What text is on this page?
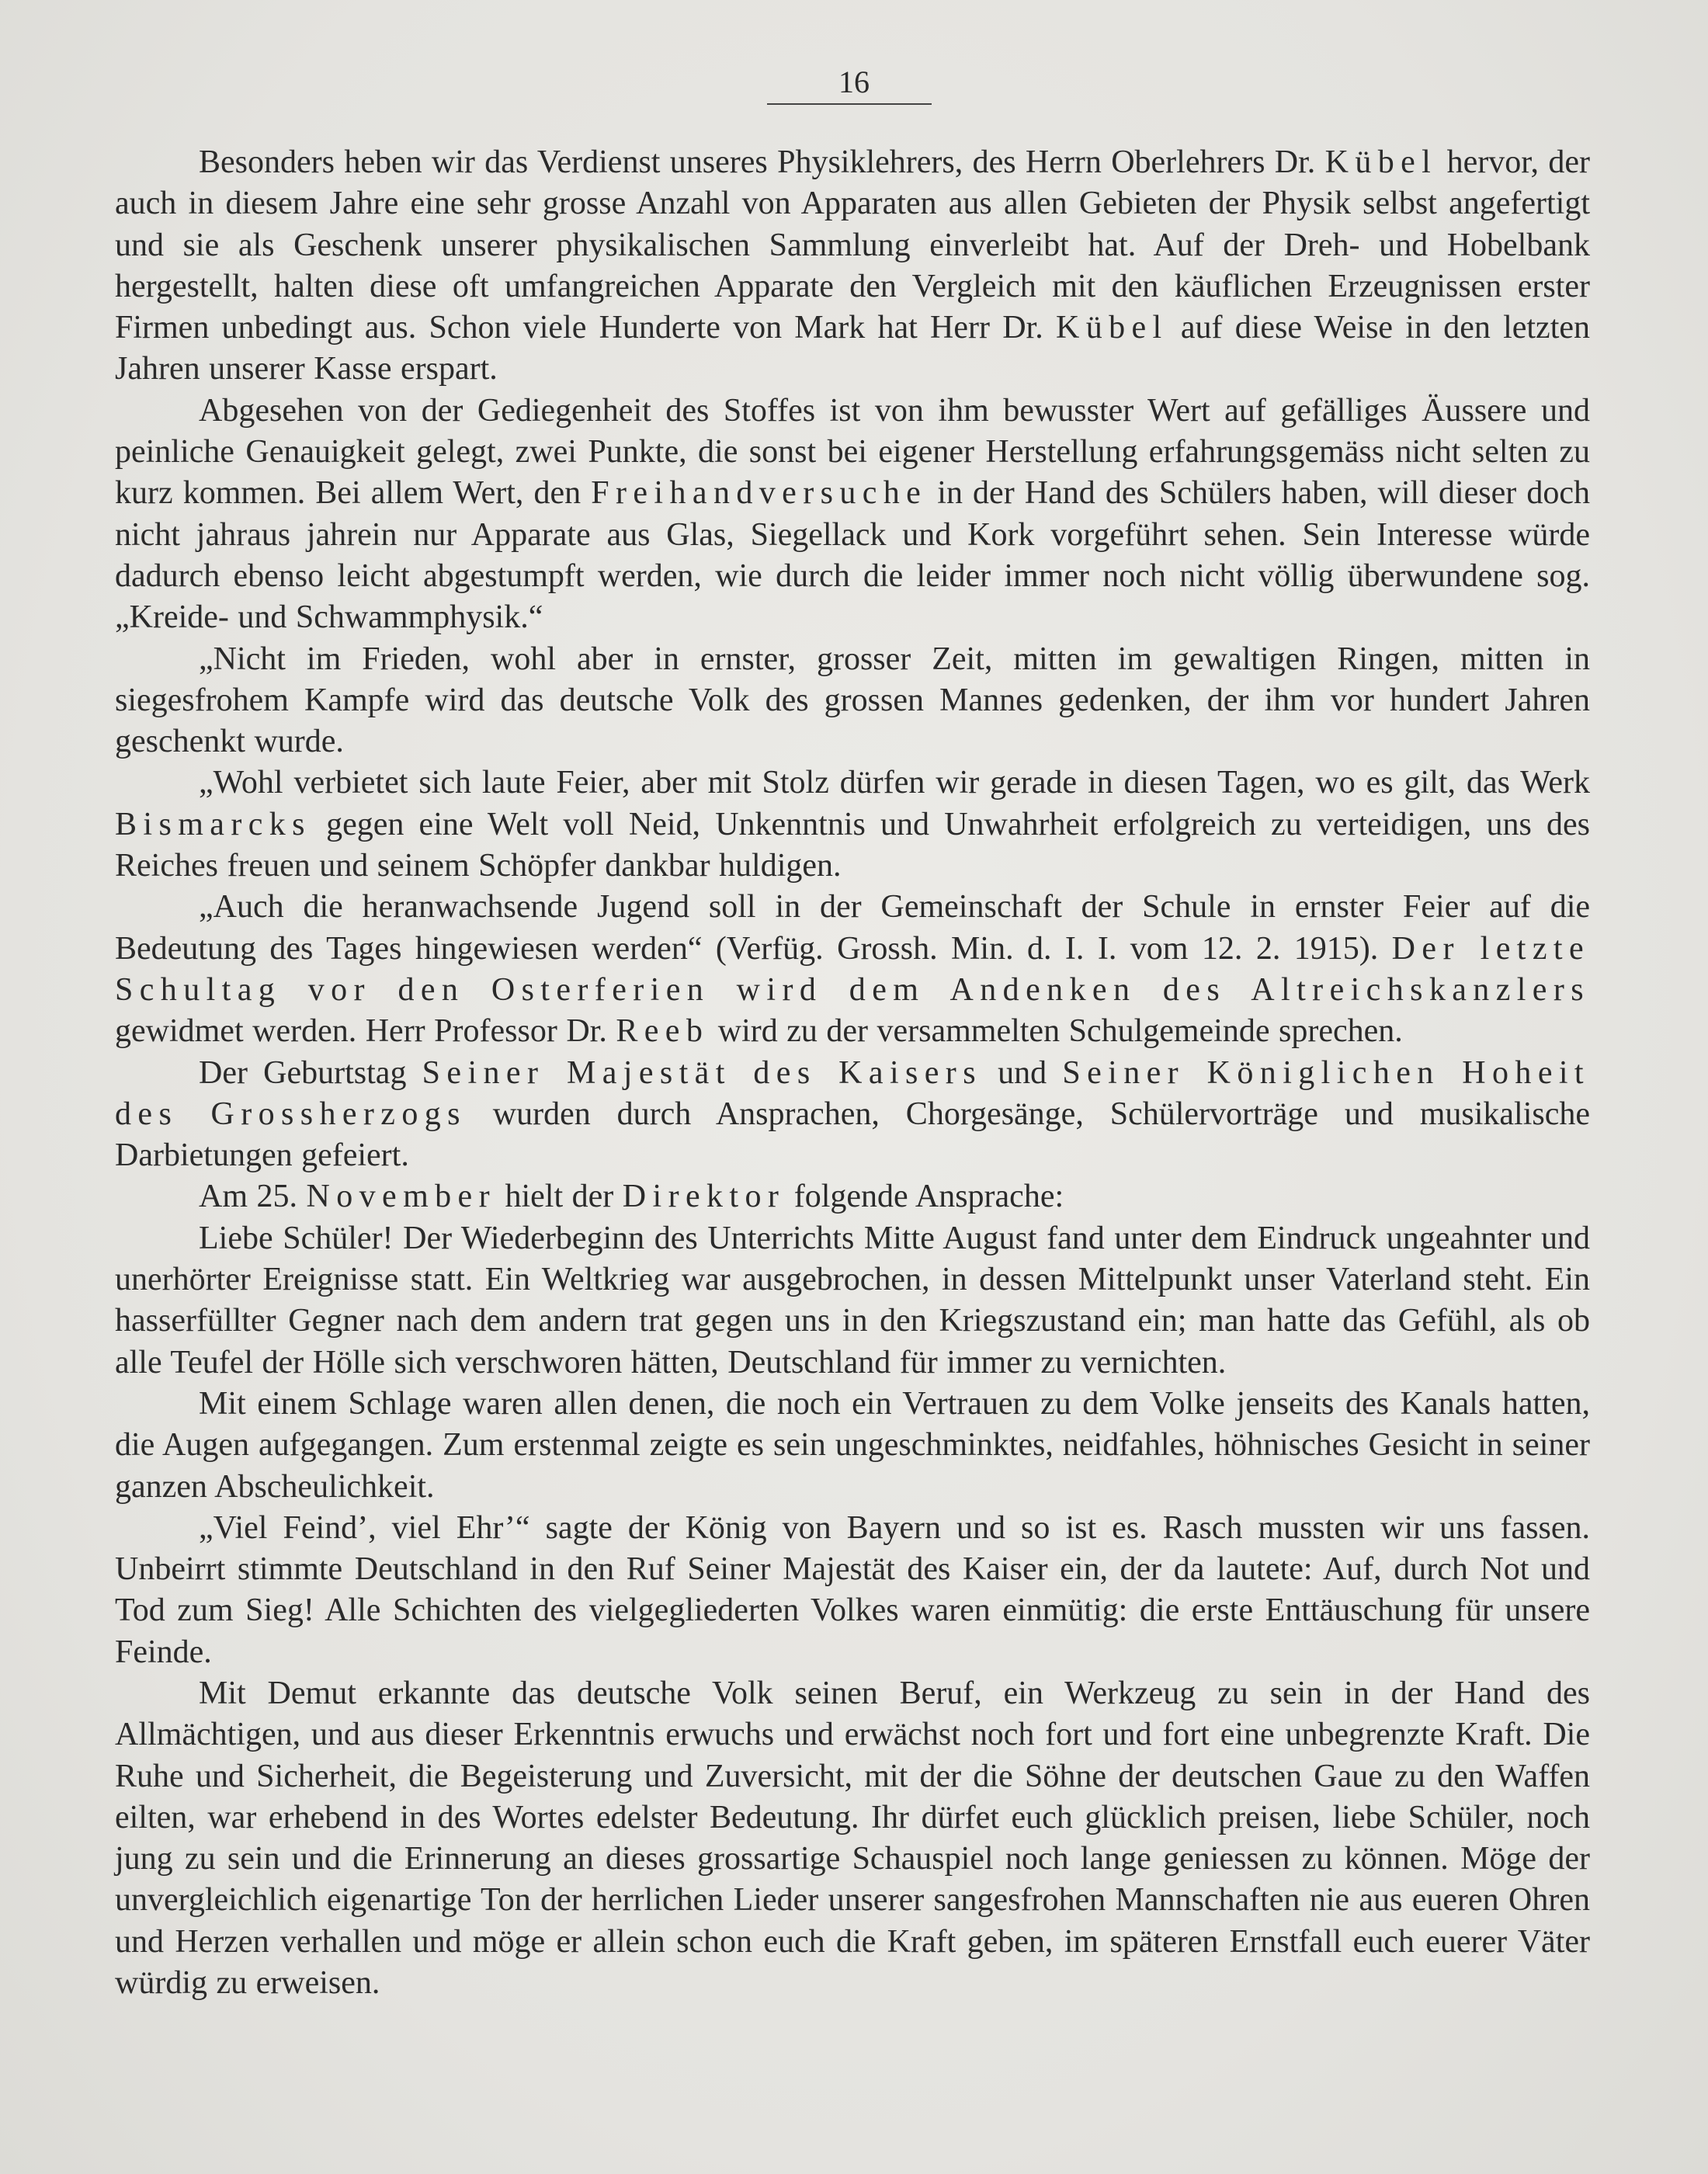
16

Besonders heben wir das Verdienst unseres Physiklehrers, des Herrn Oberlehrers Dr. Kübel hervor, der auch in diesem Jahre eine sehr grosse Anzahl von Apparaten aus allen Gebieten der Physik selbst angefertigt und sie als Geschenk unserer physikalischen Sammlung einverleibt hat. Auf der Dreh- und Hobelbank hergestellt, halten diese oft umfangreichen Apparate den Vergleich mit den käuflichen Erzeugnissen erster Firmen unbedingt aus. Schon viele Hunderte von Mark hat Herr Dr. Kübel auf diese Weise in den letzten Jahren unserer Kasse erspart.

Abgesehen von der Gediegenheit des Stoffes ist von ihm bewusster Wert auf gefälliges Äussere und peinliche Genauigkeit gelegt, zwei Punkte, die sonst bei eigener Herstellung erfahrungsgemäss nicht selten zu kurz kommen. Bei allem Wert, den Freihandversuche in der Hand des Schülers haben, will dieser doch nicht jahraus jahrein nur Apparate aus Glas, Siegellack und Kork vorgeführt sehen. Sein Interesse würde dadurch ebenso leicht abgestumpft werden, wie durch die leider immer noch nicht völlig überwundene sog. „Kreide- und Schwammphysik.“

„Nicht im Frieden, wohl aber in ernster, grosser Zeit, mitten im gewaltigen Ringen, mitten in siegesfrohem Kampfe wird das deutsche Volk des grossen Mannes gedenken, der ihm vor hundert Jahren geschenkt wurde.

„Wohl verbietet sich laute Feier, aber mit Stolz dürfen wir gerade in diesen Tagen, wo es gilt, das Werk Bismarcks gegen eine Welt voll Neid, Unkenntnis und Unwahrheit erfolgreich zu verteidigen, uns des Reiches freuen und seinem Schöpfer dankbar huldigen.

„Auch die heranwachsende Jugend soll in der Gemeinschaft der Schule in ernster Feier auf die Bedeutung des Tages hingewiesen werden“ (Verfüg. Grossh. Min. d. I. I. vom 12. 2. 1915). Der letzte Schultag vor den Osterferien wird dem Andenken des Altreichskanzlers gewidmet werden. Herr Professor Dr. Reeb wird zu der versammelten Schulgemeinde sprechen.

Der Geburtstag Seiner Majestät des Kaisers und Seiner Königlichen Hoheit des Grossherzogs wurden durch Ansprachen, Chorgesänge, Schülervorträge und musikalische Darbietungen gefeiert.

Am 25. November hielt der Direktor folgende Ansprache:

Liebe Schüler! Der Wiederbeginn des Unterrichts Mitte August fand unter dem Eindruck ungeahnter und unerhörter Ereignisse statt. Ein Weltkrieg war ausgebrochen, in dessen Mittelpunkt unser Vaterland steht. Ein hasserfüllter Gegner nach dem andern trat gegen uns in den Kriegszustand ein; man hatte das Gefühl, als ob alle Teufel der Hölle sich verschworen hätten, Deutschland für immer zu vernichten.

Mit einem Schlage waren allen denen, die noch ein Vertrauen zu dem Volke jenseits des Kanals hatten, die Augen aufgegangen. Zum erstenmal zeigte es sein ungeschminktes, neidfahles, höhnisches Gesicht in seiner ganzen Abscheulichkeit.

„Viel Feind’, viel Ehr’“ sagte der König von Bayern und so ist es. Rasch mussten wir uns fassen. Unbeirrt stimmte Deutschland in den Ruf Seiner Majestät des Kaiser ein, der da lautete: Auf, durch Not und Tod zum Sieg! Alle Schichten des vielgegliederten Volkes waren einmütig: die erste Enttäuschung für unsere Feinde.

Mit Demut erkannte das deutsche Volk seinen Beruf, ein Werkzeug zu sein in der Hand des Allmächtigen, und aus dieser Erkenntnis erwuchs und erwächst noch fort und fort eine unbegrenzte Kraft. Die Ruhe und Sicherheit, die Begeisterung und Zuversicht, mit der die Söhne der deutschen Gaue zu den Waffen eilten, war erhebend in des Wortes edelster Bedeutung. Ihr dürfet euch glücklich preisen, liebe Schüler, noch jung zu sein und die Erinnerung an dieses grossartige Schauspiel noch lange geniessen zu können. Möge der unvergleichlich eigenartige Ton der herrlichen Lieder unserer sangesfrohen Mannschaften nie aus eueren Ohren und Herzen verhallen und möge er allein schon euch die Kraft geben, im späteren Ernstfall euch euerer Väter würdig zu erweisen.
